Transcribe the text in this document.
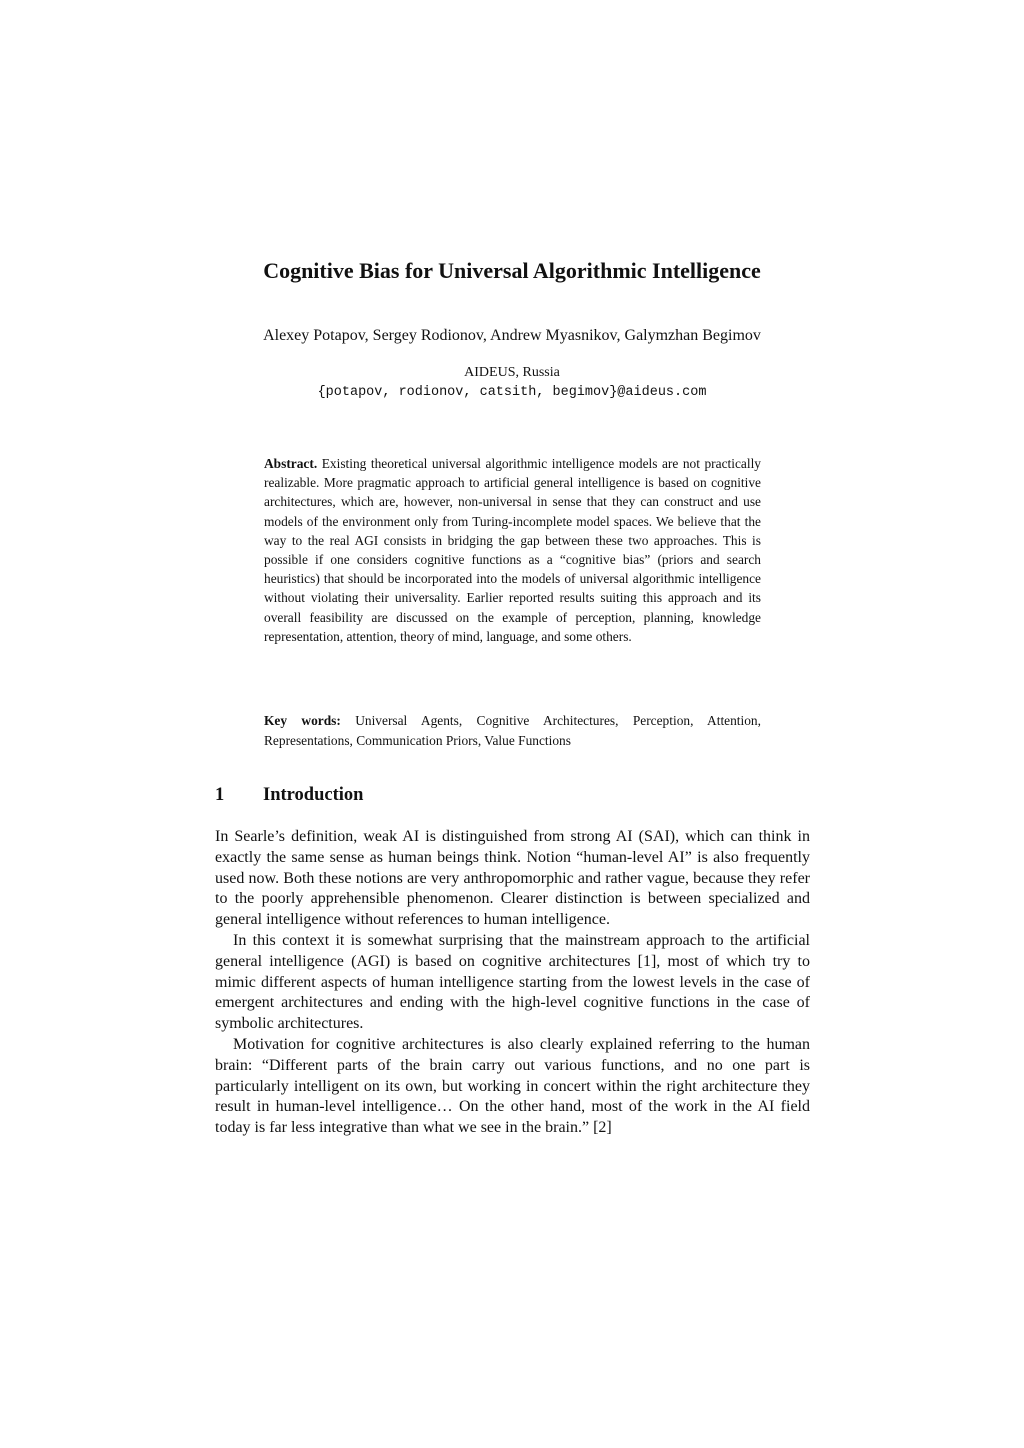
Cognitive Bias for Universal Algorithmic Intelligence

Alexey Potapov, Sergey Rodionov, Andrew Myasnikov, Galymzhan Begimov

AIDEUS, Russia

{potapov, rodionov, catsith, begimov}@aideus.com

Abstract. Existing theoretical universal algorithmic intelligence models are not practically realizable. More pragmatic approach to artificial general intelligence is based on cognitive architectures, which are, however, non-universal in sense that they can construct and use models of the environment only from Turing-incomplete model spaces. We believe that the way to the real AGI consists in bridging the gap between these two approaches. This is possible if one considers cognitive functions as a “cognitive bias” (priors and search heuristics) that should be incorporated into the models of universal algorithmic intelligence without violating their universality. Earlier reported results suiting this approach and its overall feasibility are discussed on the example of perception, planning, knowledge representation, attention, theory of mind, language, and some others.

Key words: Universal Agents, Cognitive Architectures, Perception, Attention, Representations, Communication Priors, Value Functions

1 Introduction

In Searle’s definition, weak AI is distinguished from strong AI (SAI), which can think in exactly the same sense as human beings think. Notion “human-level AI” is also frequently used now. Both these notions are very anthropomorphic and rather vague, because they refer to the poorly apprehensible phenomenon. Clearer distinction is between specialized and general intelligence without references to human intelligence.

In this context it is somewhat surprising that the mainstream approach to the artificial general intelligence (AGI) is based on cognitive architectures [1], most of which try to mimic different aspects of human intelligence starting from the lowest levels in the case of emergent architectures and ending with the high-level cognitive functions in the case of symbolic architectures.

Motivation for cognitive architectures is also clearly explained referring to the human brain: “Different parts of the brain carry out various functions, and no one part is particularly intelligent on its own, but working in concert within the right architecture they result in human-level intelligence… On the other hand, most of the work in the AI field today is far less integrative than what we see in the brain.” [2]
